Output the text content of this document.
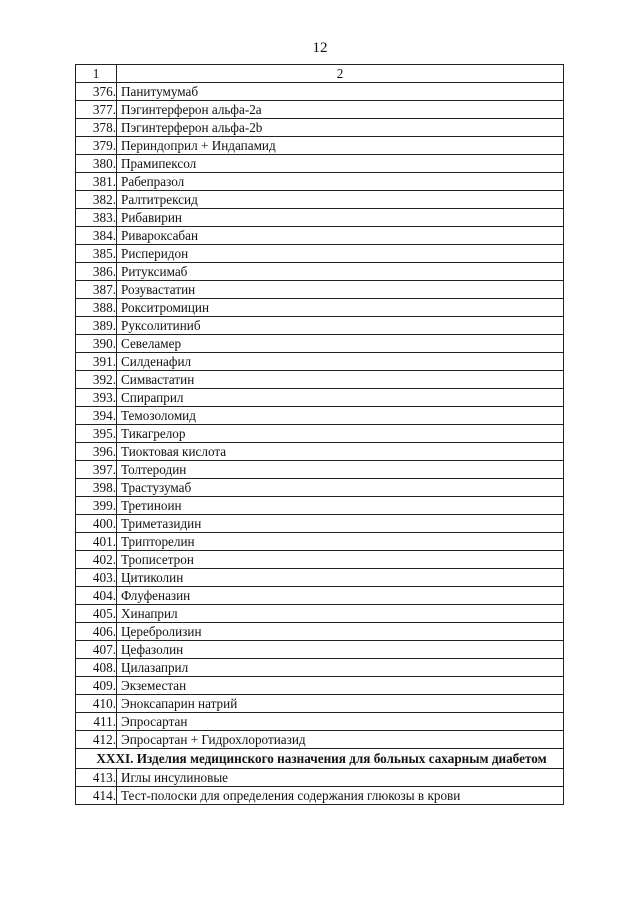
12
1	2
376.	Панитумумаб
377.	Пэгинтерферон альфа-2а
378.	Пэгинтерферон альфа-2b
379.	Периндоприл + Индапамид
380.	Прамипексол
381.	Рабепразол
382.	Ралтитрексид
383.	Рибавирин
384.	Ривароксабан
385.	Рисперидон
386.	Ритуксимаб
387.	Розувастатин
388.	Рокситромицин
389.	Руксолитиниб
390.	Севеламер
391.	Силденафил
392.	Симвастатин
393.	Спираприл
394.	Темозоломид
395.	Тикагрелор
396.	Тиоктовая кислота
397.	Толтеродин
398.	Трастузумаб
399.	Третиноин
400.	Триметазидин
401.	Трипторелин
402.	Трописетрон
403.	Цитиколин
404.	Флуфеназин
405.	Хинаприл
406.	Церебролизин
407.	Цефазолин
408.	Цилазаприл
409.	Экземестан
410.	Эноксапарин натрий
411.	Эпросартан
412.	Эпросартан + Гидрохлоротиазид
XXXI. Изделия медицинского назначения для больных сахарным диабетом	
413.	Иглы инсулиновые
414.	Тест-полоски для определения содержания глюкозы в крови
